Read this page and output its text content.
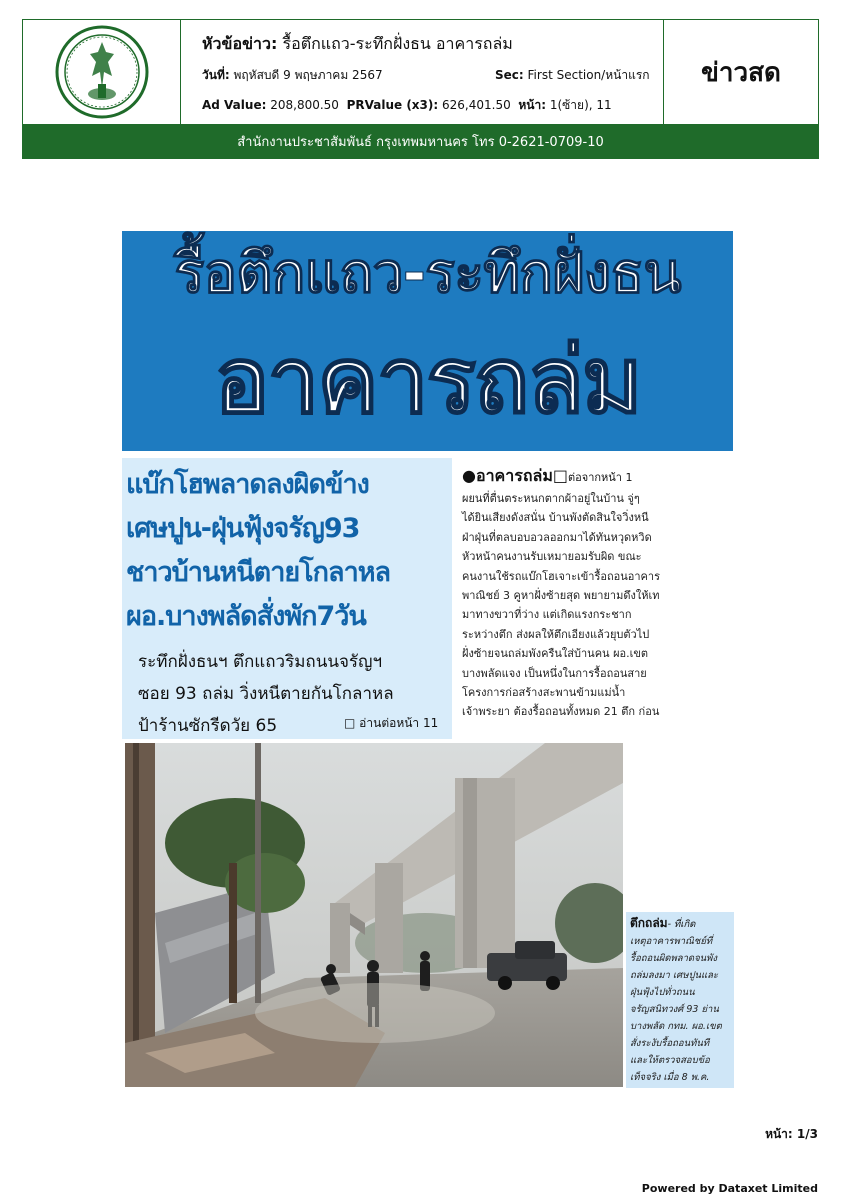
หัวข้อข่าว: รื้อตึกแถว-ระทึกฝั่งธน อาคารถล่ม
วันที่: พฤหัสบดี 9 พฤษภาคม 2567	Sec: First Section/หน้าแรก
Ad Value: 208,800.50 PRValue (x3): 626,401.50 หน้า: 1(ซ้าย), 11
ข่าวสด
สำนักงานประชาสัมพันธ์ กรุงเทพมหานคร โทร 0-2621-0709-10
รื้อตึกแถว-ระทึกฝั่งธน
อาคารถล่ม
แบ๊กโฮพลาดลงผิดข้าง
เศษปูน-ฝุ่นฟุ้งจรัญ93
ชาวบ้านหนีตายโกลาหล
ผอ.บางพลัดสั่งพัก7วัน
ระทึกฝั่งธนฯ ตึกแถวริมถนนจรัญฯ
ซอย 93 ถล่ม วิ่งหนีตายกันโกลาหล
ป้าร้านซักรีดวัย 65	□ อ่านต่อหน้า 11
●อาคารถล่ม□ต่อจากหน้า 1
ผยนที่ตื่นตระหนกตากผ้าอยู่ในบ้าน จู่ๆ
ได้ยินเสียงดังสนั่น บ้านพังตัดสินใจวิ่งหนี
ฝ่าฝุ่นที่ตลบอบอวลออกมาได้ทันหวุดหวิด
หัวหน้าคนงานรับเหมายอมรับผิด ขณะ
คนงานใช้รถแบ๊กโฮเจาะเข้ารื้อถอนอาคาร
พาณิชย์ 3 คูหาฝั่งซ้ายสุด พยายามดึงให้เท
มาทางขวาที่ว่าง แต่เกิดแรงกระชาก
ระหว่างตึก ส่งผลให้ตึกเอียงแล้วยุบตัวไป
ฝั่งซ้ายจนถล่มพังครืนใส่บ้านคน ผอ.เขต
บางพลัดแจง เป็นหนึ่งในการรื้อถอนสาย
โครงการก่อสร้างสะพานข้ามแม่น้ำ
เจ้าพระยา ต้องรื้อถอนทั้งหมด 21 ตึก ก่อน
ตึกถล่ม- ที่เกิด
เหตุอาคารพาณิชย์ที่
รื้อถอนผิดพลาดจนพัง
ถล่มลงมา เศษปูนและ
ฝุ่นฟุ้งไปทั่วถนน
จรัญสนิทวงศ์ 93 ย่าน
บางพลัด กทม. ผอ.เขต
สั่งระงับรื้อถอนทันที
และให้ตรวจสอบข้อ
เท็จจริง เมื่อ 8 พ.ค.
หน้า: 1/3
Powered by Dataxet Limited
